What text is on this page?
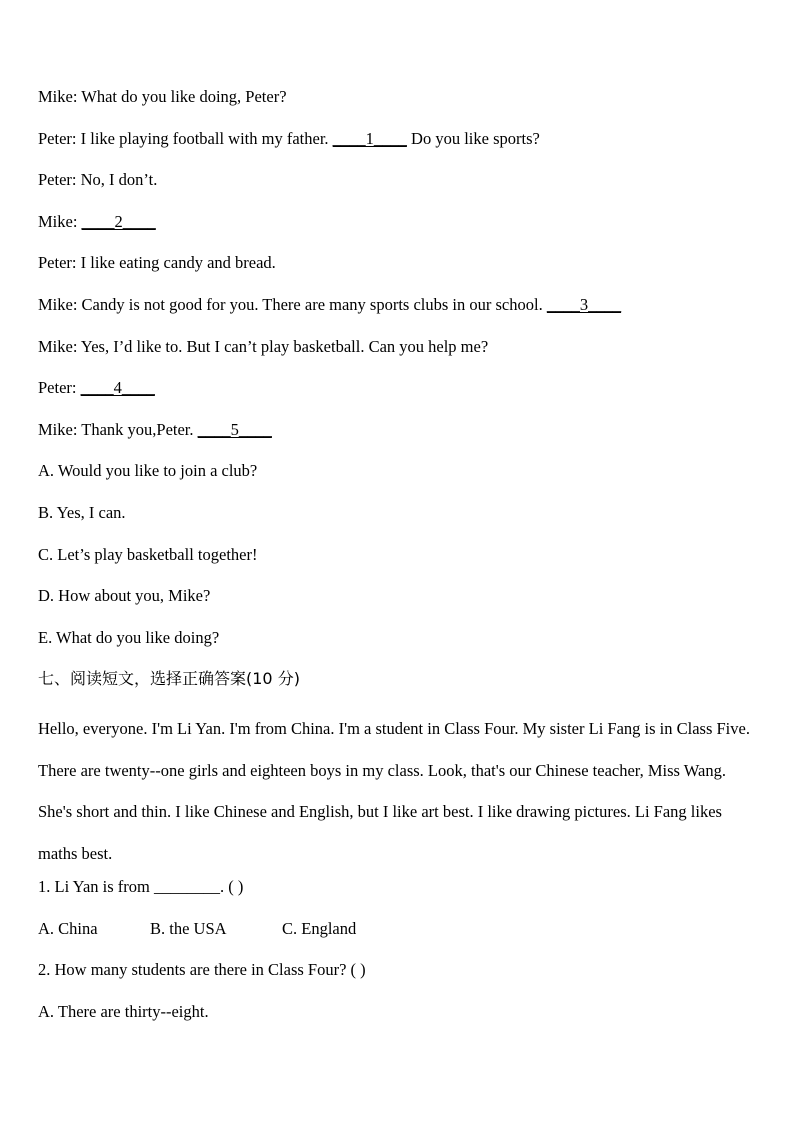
Mike: What do you like doing, Peter?
Peter: I like playing football with my father. ____1____ Do you like sports?
Peter: No, I don’t.
Mike: ____2____
Peter: I like eating candy and bread.
Mike: Candy is not good for you. There are many sports clubs in our school. ____3____
Mike: Yes, I’d like to. But I can’t play basketball. Can you help me?
Peter: ____4____
Mike: Thank you,Peter. ____5____
A. Would you like to join a club?
B. Yes, I can.
C. Let’s play basketball together!
D. How about you, Mike?
E. What do you like doing?
七、阅读短文，选择正确答案(10 分)
Hello, everyone. I'm Li Yan. I'm from China. I'm a student in Class Four. My sister Li Fang is in Class Five. There are twenty--one girls and eighteen boys in my class. Look, that's our Chinese teacher, Miss Wang. She's short and thin. I like Chinese and English, but I like art best. I like drawing pictures. Li Fang likes maths best.
1. Li Yan is from ________. ( )
A. China	B. the USA	C. England
2. How many students are there in Class Four? ( )
A. There are thirty--eight.
